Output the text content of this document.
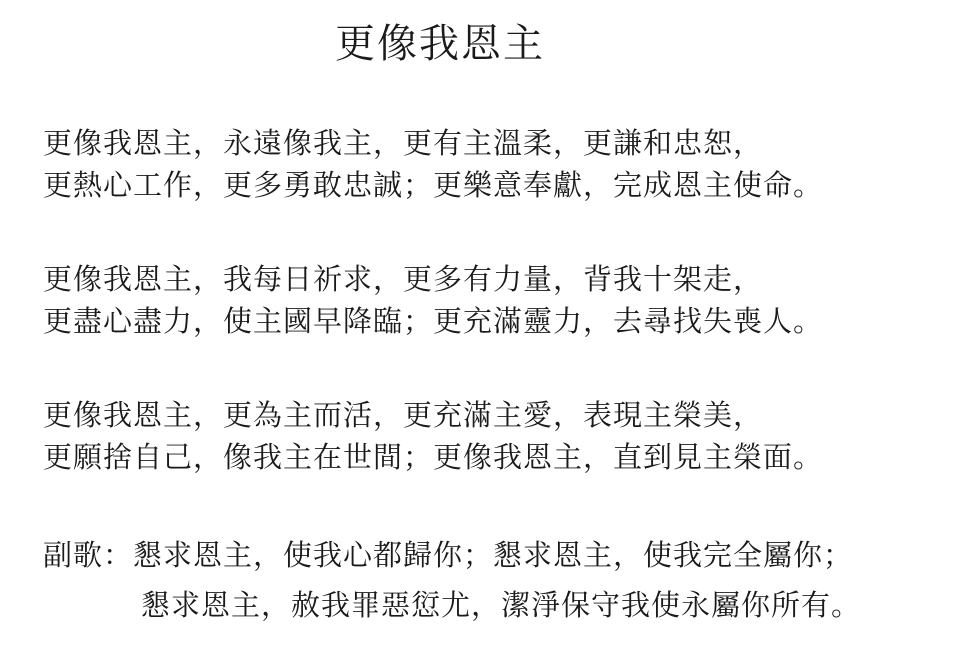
更像我恩主
更像我恩主，永遠像我主，更有主溫柔，更謙和忠恕，
更熱心工作，更多勇敢忠誠；更樂意奉獻，完成恩主使命。
更像我恩主，我每日祈求，更多有力量，背我十架走，
更盡心盡力，使主國早降臨；更充滿靈力，去尋找失喪人。
更像我恩主，更為主而活，更充滿主愛，表現主榮美，
更願捨自己，像我主在世間；更像我恩主，直到見主榮面。
副歌：懇求恩主，使我心都歸你；懇求恩主，使我完全屬你；
懇求恩主，赦我罪惡愆尤，潔淨保守我使永屬你所有。
